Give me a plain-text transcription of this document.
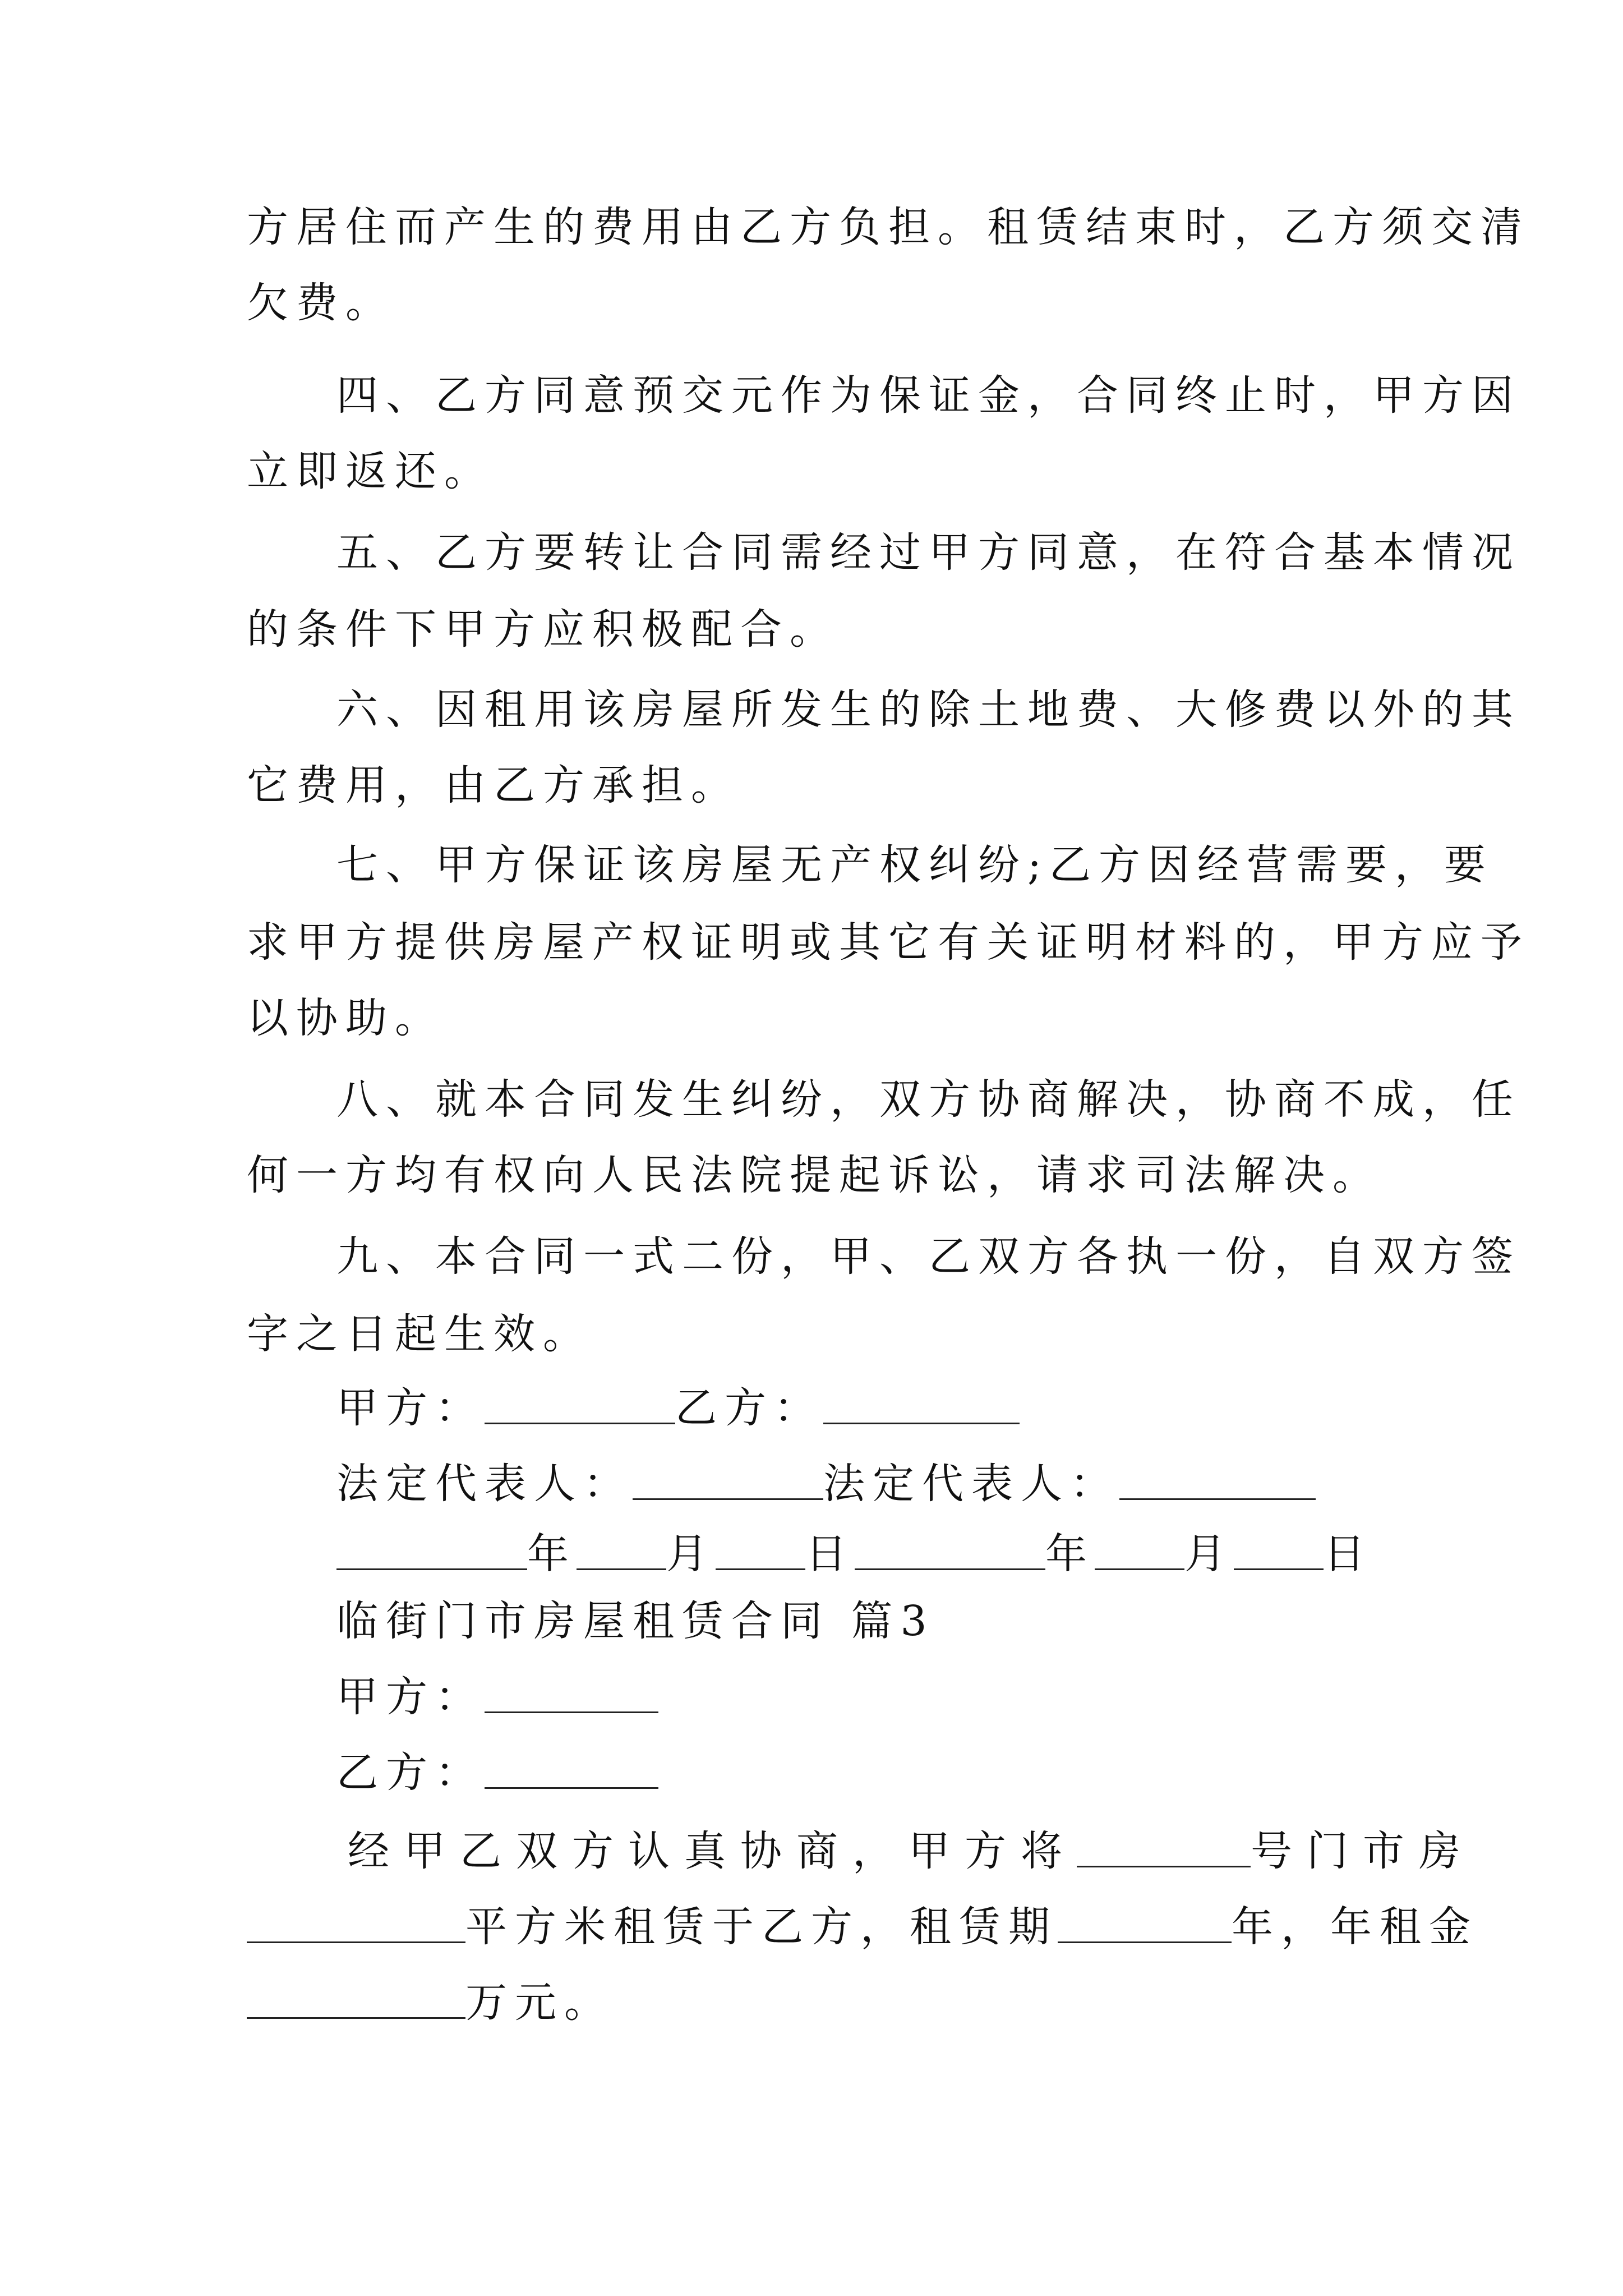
方居住而产生的费用由乙方负担。租赁结束时，乙方须交清
欠费。
四、乙方同意预交元作为保证金，合同终止时，甲方因
立即返还。
五、乙方要转让合同需经过甲方同意，在符合基本情况
的条件下甲方应积极配合。
六、因租用该房屋所发生的除土地费、大修费以外的其
它费用，由乙方承担。
七、甲方保证该房屋无产权纠纷;乙方因经营需要，要
求甲方提供房屋产权证明或其它有关证明材料的，甲方应予
以协助。
八、就本合同发生纠纷，双方协商解决，协商不成，任
何一方均有权向人民法院提起诉讼，请求司法解决。
九、本合同一式二份，甲、乙双方各执一份，自双方签
字之日起生效。
甲方：	乙方：
法定代表人：	法定代表人：
年 月 日	年 月 日
临街门市房屋租赁合同 篇3
甲方：
乙方：
经甲乙双方认真协商，甲方将	号门市房
平方米租赁于乙方，租赁期	年，年租金
万元。
